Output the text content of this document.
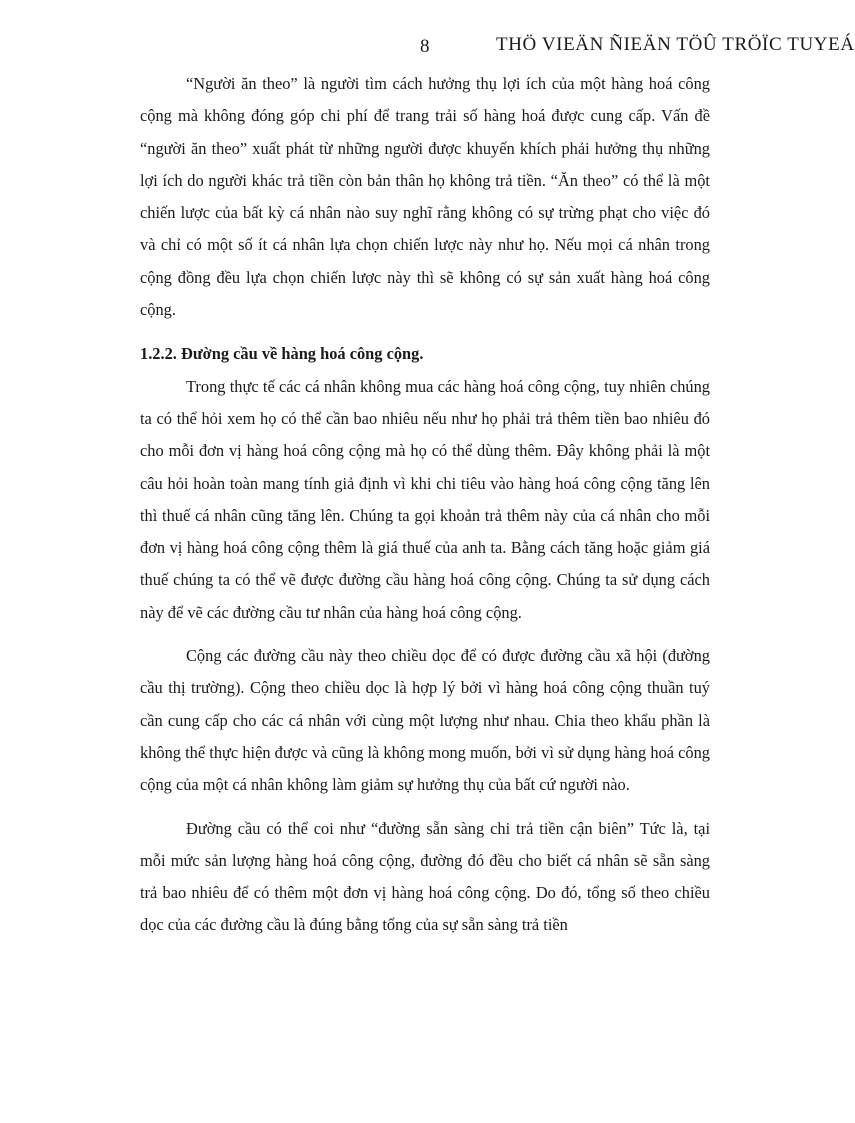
8	THÖ VIEÄN ÑIEÄN TÖÛ TRÖÏC TUYEÁ

“Người ăn theo” là người tìm cách hưởng thụ lợi ích của một hàng hoá công cộng mà không đóng góp chi phí để trang trải số hàng hoá được cung cấp. Vấn đề “người ăn theo” xuất phát từ những người được khuyến khích phải hưởng thụ những lợi ích do người khác trả tiền còn bản thân họ không trả tiền. “Ăn theo” có thể là một chiến lược của bất kỳ cá nhân nào suy nghĩ rằng không có sự trừng phạt cho việc đó và chỉ có một số ít cá nhân lựa chọn chiến lược này như họ. Nếu mọi cá nhân trong cộng đồng đều lựa chọn chiến lược này thì sẽ không có sự sản xuất hàng hoá công cộng.

1.2.2. Đường cầu về hàng hoá công cộng.

Trong thực tế các cá nhân không mua các hàng hoá công cộng, tuy nhiên chúng ta có thể hỏi xem họ có thể cần bao nhiêu nếu như họ phải trả thêm tiền bao nhiêu đó cho mỗi đơn vị hàng hoá công cộng mà họ có thể dùng thêm. Đây không phải là một câu hỏi hoàn toàn mang tính giả định vì khi chi tiêu vào hàng hoá công cộng tăng lên thì thuế cá nhân cũng tăng lên. Chúng ta gọi khoản trả thêm này của cá nhân cho mỗi đơn vị hàng hoá công cộng thêm là giá thuế của anh ta. Bằng cách tăng hoặc giảm giá thuế chúng ta có thể vẽ được đường cầu hàng hoá công cộng. Chúng ta sử dụng cách này để vẽ các đường cầu tư nhân của hàng hoá công cộng.

Cộng các đường cầu này theo chiều dọc để có được đường cầu xã hội (đường cầu thị trường). Cộng theo chiều dọc là hợp lý bởi vì hàng hoá công cộng thuần tuý cần cung cấp cho các cá nhân với cùng một lượng như nhau. Chia theo khẩu phần là không thể thực hiện được và cũng là không mong muốn, bởi vì sử dụng hàng hoá công cộng của một cá nhân không làm giảm sự hưởng thụ của bất cứ người nào.

Đường cầu có thể coi như “đường sẵn sàng chi trả tiền cận biên” Tức là, tại mỗi mức sản lượng hàng hoá công cộng, đường đó đều cho biết cá nhân sẽ sẵn sàng trả bao nhiêu để có thêm một đơn vị hàng hoá công cộng. Do đó, tổng số theo chiều dọc của các đường cầu là đúng bằng tổng của sự sẵn sàng trả tiền
